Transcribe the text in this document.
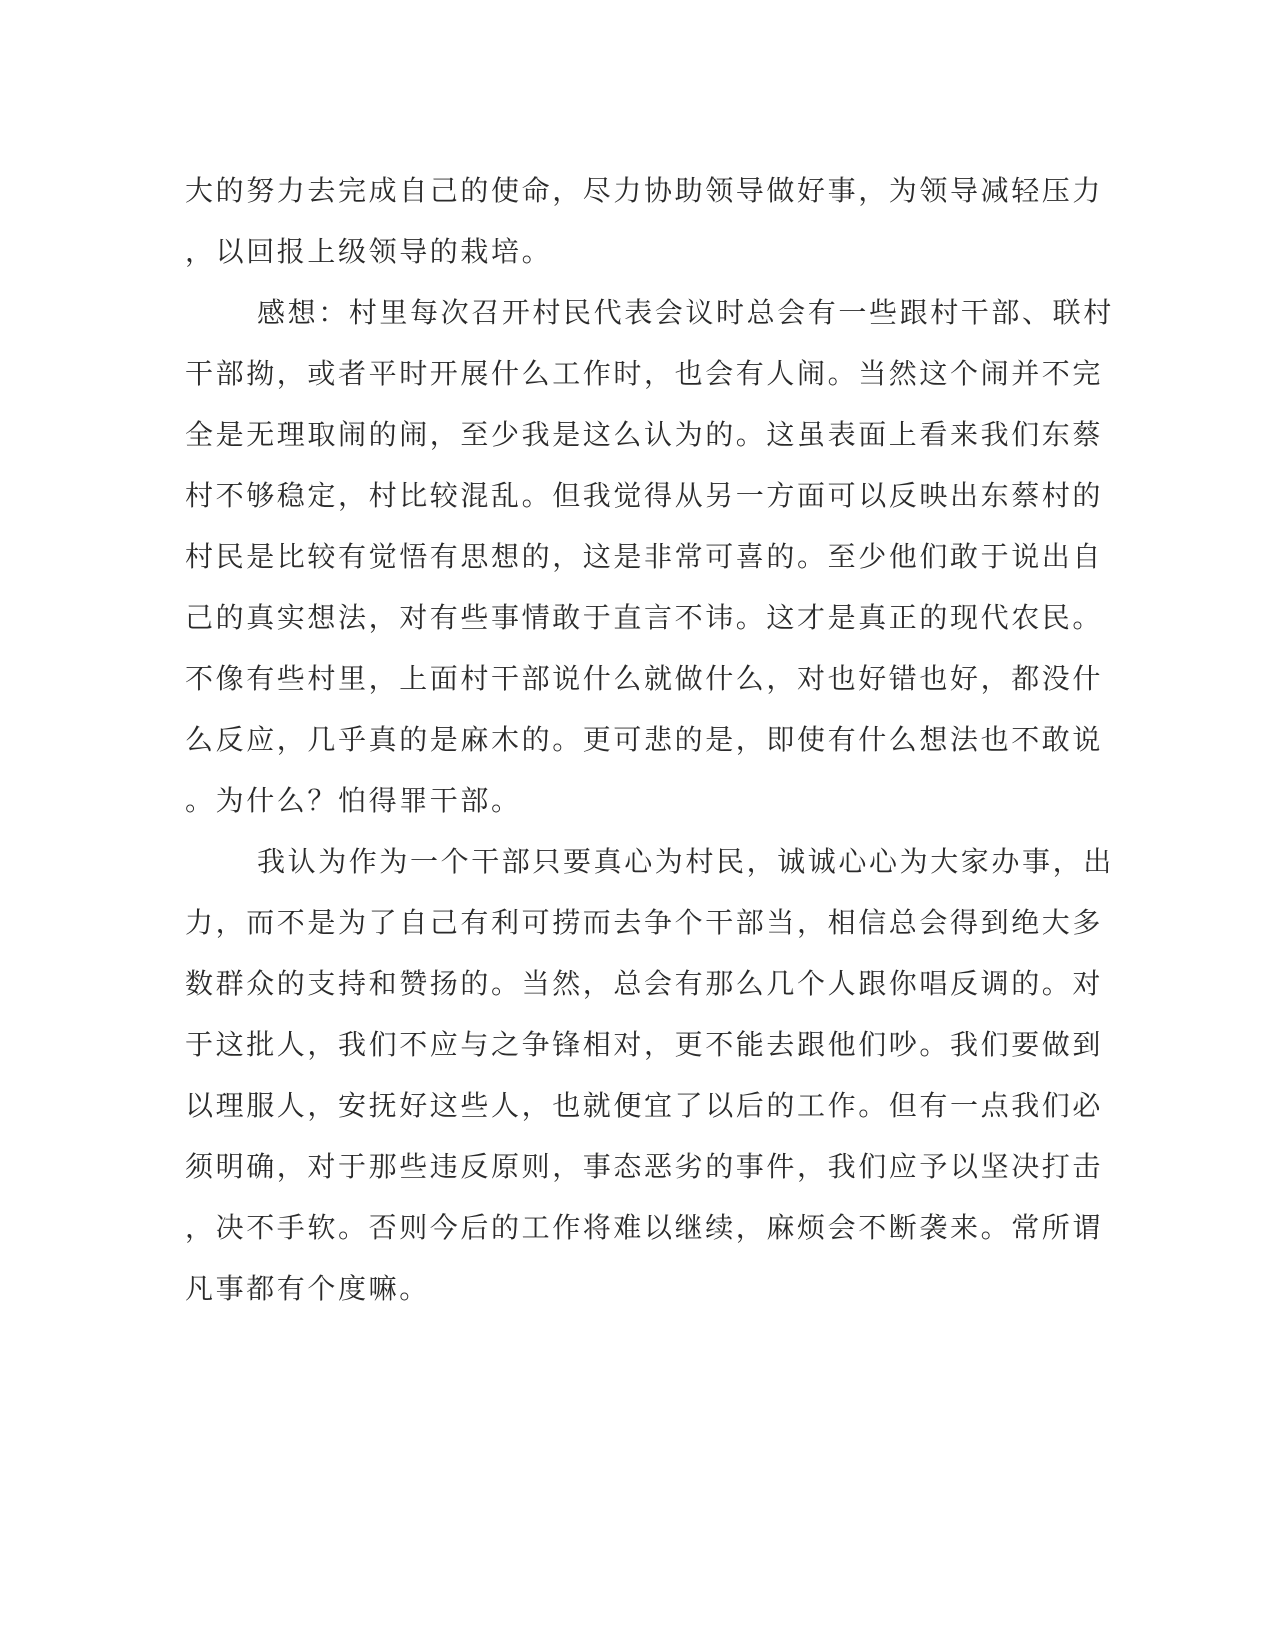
大的努力去完成自己的使命，尽力协助领导做好事，为领导减轻压力
，以回报上级领导的栽培。
感想：村里每次召开村民代表会议时总会有一些跟村干部、联村
干部拗，或者平时开展什么工作时，也会有人闹。当然这个闹并不完
全是无理取闹的闹，至少我是这么认为的。这虽表面上看来我们东蔡
村不够稳定，村比较混乱。但我觉得从另一方面可以反映出东蔡村的
村民是比较有觉悟有思想的，这是非常可喜的。至少他们敢于说出自
己的真实想法，对有些事情敢于直言不讳。这才是真正的现代农民。
不像有些村里，上面村干部说什么就做什么，对也好错也好，都没什
么反应，几乎真的是麻木的。更可悲的是，即使有什么想法也不敢说
。为什么？怕得罪干部。
我认为作为一个干部只要真心为村民，诚诚心心为大家办事，出
力，而不是为了自己有利可捞而去争个干部当，相信总会得到绝大多
数群众的支持和赞扬的。当然，总会有那么几个人跟你唱反调的。对
于这批人，我们不应与之争锋相对，更不能去跟他们吵。我们要做到
以理服人，安抚好这些人，也就便宜了以后的工作。但有一点我们必
须明确，对于那些违反原则，事态恶劣的事件，我们应予以坚决打击
，决不手软。否则今后的工作将难以继续，麻烦会不断袭来。常所谓
凡事都有个度嘛。
